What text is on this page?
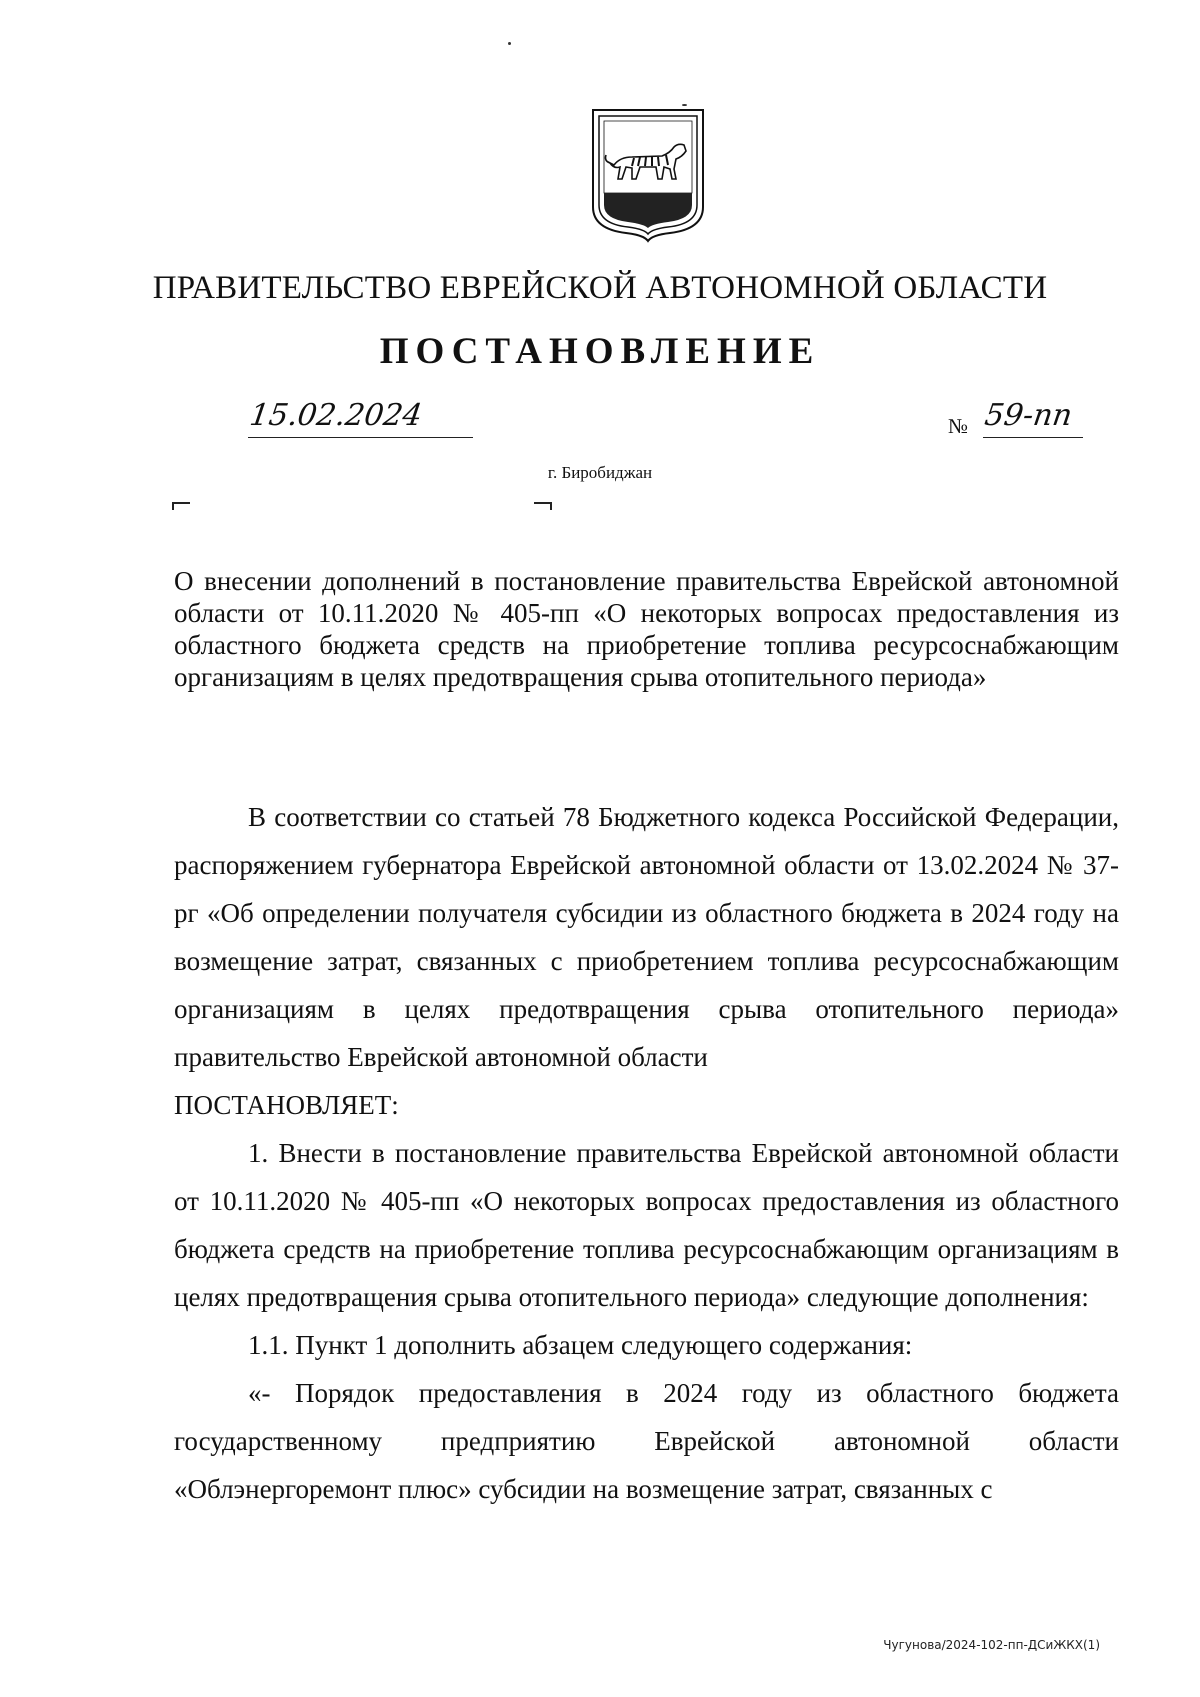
ПРАВИТЕЛЬСТВО ЕВРЕЙСКОЙ АВТОНОМНОЙ ОБЛАСТИ
ПОСТАНОВЛЕНИЕ
15.02.2024	№ 59-пп
г. Биробиджан
О внесении дополнений в постановление правительства Еврейской автономной области от 10.11.2020 № 405-пп «О некоторых вопросах предоставления из областного бюджета средств на приобретение топлива ресурсоснабжающим организациям в целях предотвращения срыва отопительного периода»

В соответствии со статьей 78 Бюджетного кодекса Российской Федерации, распоряжением губернатора Еврейской автономной области от 13.02.2024 № 37-рг «Об определении получателя субсидии из областного бюджета в 2024 году на возмещение затрат, связанных с приобретением топлива ресурсоснабжающим организациям в целях предотвращения срыва отопительного периода» правительство Еврейской автономной области

ПОСТАНОВЛЯЕТ:

1. Внести в постановление правительства Еврейской автономной области от 10.11.2020 № 405-пп «О некоторых вопросах предоставления из областного бюджета средств на приобретение топлива ресурсоснабжающим организациям в целях предотвращения срыва отопительного периода» следующие дополнения:

1.1. Пункт 1 дополнить абзацем следующего содержания:

«- Порядок предоставления в 2024 году из областного бюджета государственному предприятию Еврейской автономной области «Облэнергоремонт плюс» субсидии на возмещение затрат, связанных с

Чугунова/2024-102-пп-ДСиЖКХ(1)
